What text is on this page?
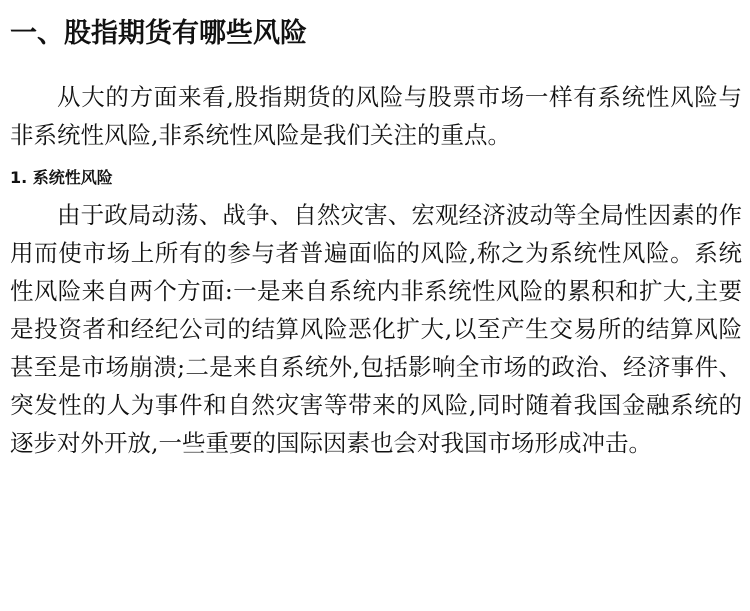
一、股指期货有哪些风险

从大的方面来看,股指期货的风险与股票市场一样有系统性风险与非系统性风险,非系统性风险是我们关注的重点。

1. 系统性风险

由于政局动荡、战争、自然灾害、宏观经济波动等全局性因素的作用而使市场上所有的参与者普遍面临的风险,称之为系统性风险。系统性风险来自两个方面:一是来自系统内非系统性风险的累积和扩大,主要是投资者和经纪公司的结算风险恶化扩大,以至产生交易所的结算风险甚至是市场崩溃;二是来自系统外,包括影响全市场的政治、经济事件、突发性的人为事件和自然灾害等带来的风险,同时随着我国金融系统的逐步对外开放,一些重要的国际因素也会对我国市场形成冲击。
